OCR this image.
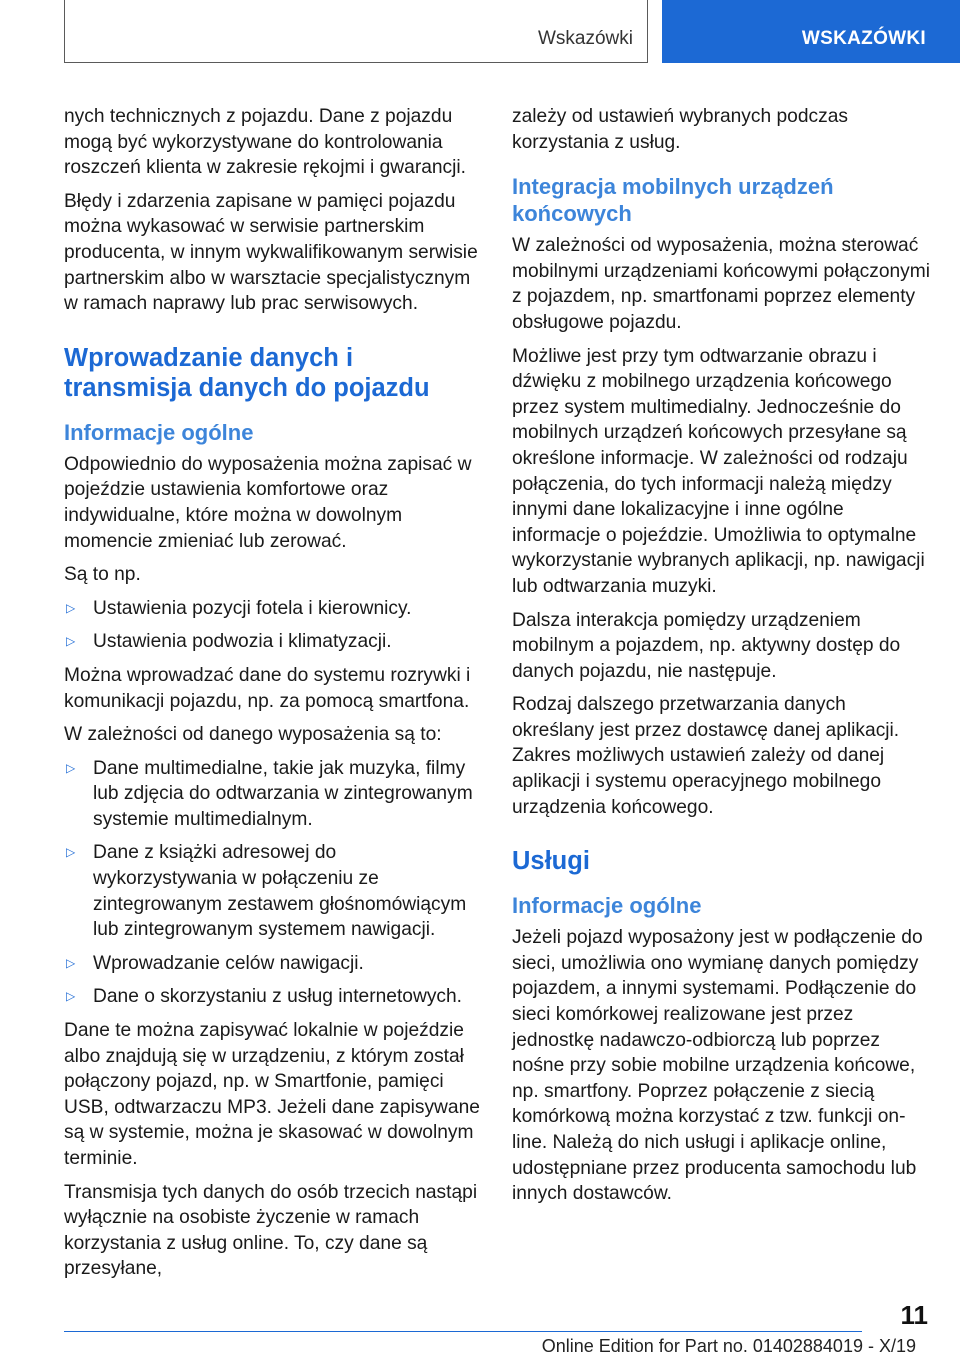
Wskazówki	WSKAZÓWKI

nych technicznych z pojazdu. Dane z pojazdu mogą być wykorzystywane do kontrolowania roszczeń klienta w zakresie rękojmi i gwarancji.

Błędy i zdarzenia zapisane w pamięci pojazdu można wykasować w serwisie partnerskim producenta, w innym wykwalifikowanym serwisie partnerskim albo w warsztacie specjalistycznym w ramach naprawy lub prac serwisowych.

Wprowadzanie danych i transmisja danych do pojazdu
Informacje ogólne

Odpowiednio do wyposażenia można zapisać w pojeździe ustawienia komfortowe oraz indywidualne, które można w dowolnym momencie zmieniać lub zerować.

Są to np.

▷ Ustawienia pozycji fotela i kierownicy.
▷ Ustawienia podwozia i klimatyzacji.

Można wprowadzać dane do systemu rozrywki i komunikacji pojazdu, np. za pomocą smartfona.

W zależności od danego wyposażenia są to:

▷ Dane multimedialne, takie jak muzyka, filmy lub zdjęcia do odtwarzania w zintegrowanym systemie multimedialnym.
▷ Dane z książki adresowej do wykorzystywania w połączeniu ze zintegrowanym zestawem głośnomówiącym lub zintegrowanym systemem nawigacji.
▷ Wprowadzanie celów nawigacji.
▷ Dane o skorzystaniu z usług internetowych.

Dane te można zapisywać lokalnie w pojeździe albo znajdują się w urządzeniu, z którym został połączony pojazd, np. w Smartfonie, pamięci USB, odtwarzaczu MP3. Jeżeli dane zapisywane są w systemie, można je skasować w dowolnym terminie.

Transmisja tych danych do osób trzecich nastąpi wyłącznie na osobiste życzenie w ramach korzystania z usług online. To, czy dane są przesyłane,

zależy od ustawień wybranych podczas korzystania z usług.

Integracja mobilnych urządzeń końcowych

W zależności od wyposażenia, można sterować mobilnymi urządzeniami końcowymi połączonymi z pojazdem, np. smartfonami poprzez elementy obsługowe pojazdu.

Możliwe jest przy tym odtwarzanie obrazu i dźwięku z mobilnego urządzenia końcowego przez system multimedialny. Jednocześnie do mobilnych urządzeń końcowych przesyłane są określone informacje. W zależności od rodzaju połączenia, do tych informacji należą między innymi dane lokalizacyjne i inne ogólne informacje o pojeździe. Umożliwia to optymalne wykorzystanie wybranych aplikacji, np. nawigacji lub odtwarzania muzyki.

Dalsza interakcja pomiędzy urządzeniem mobilnym a pojazdem, np. aktywny dostęp do danych pojazdu, nie następuje.

Rodzaj dalszego przetwarzania danych określany jest przez dostawcę danej aplikacji. Zakres możliwych ustawień zależy od danej aplikacji i systemu operacyjnego mobilnego urządzenia końcowego.

Usługi
Informacje ogólne

Jeżeli pojazd wyposażony jest w podłączenie do sieci, umożliwia ono wymianę danych pomiędzy pojazdem, a innymi systemami. Podłączenie do sieci komórkowej realizowane jest przez jednostkę nadawczo-odbiorczą lub poprzez nośne przy sobie mobilne urządzenia końcowe, np. smartfony. Poprzez połączenie z siecią komórkową można korzystać z tzw. funkcji on-line. Należą do nich usługi i aplikacje online, udostępniane przez producenta samochodu lub innych dostawców.

11
Online Edition for Part no. 01402884019 - X/19
